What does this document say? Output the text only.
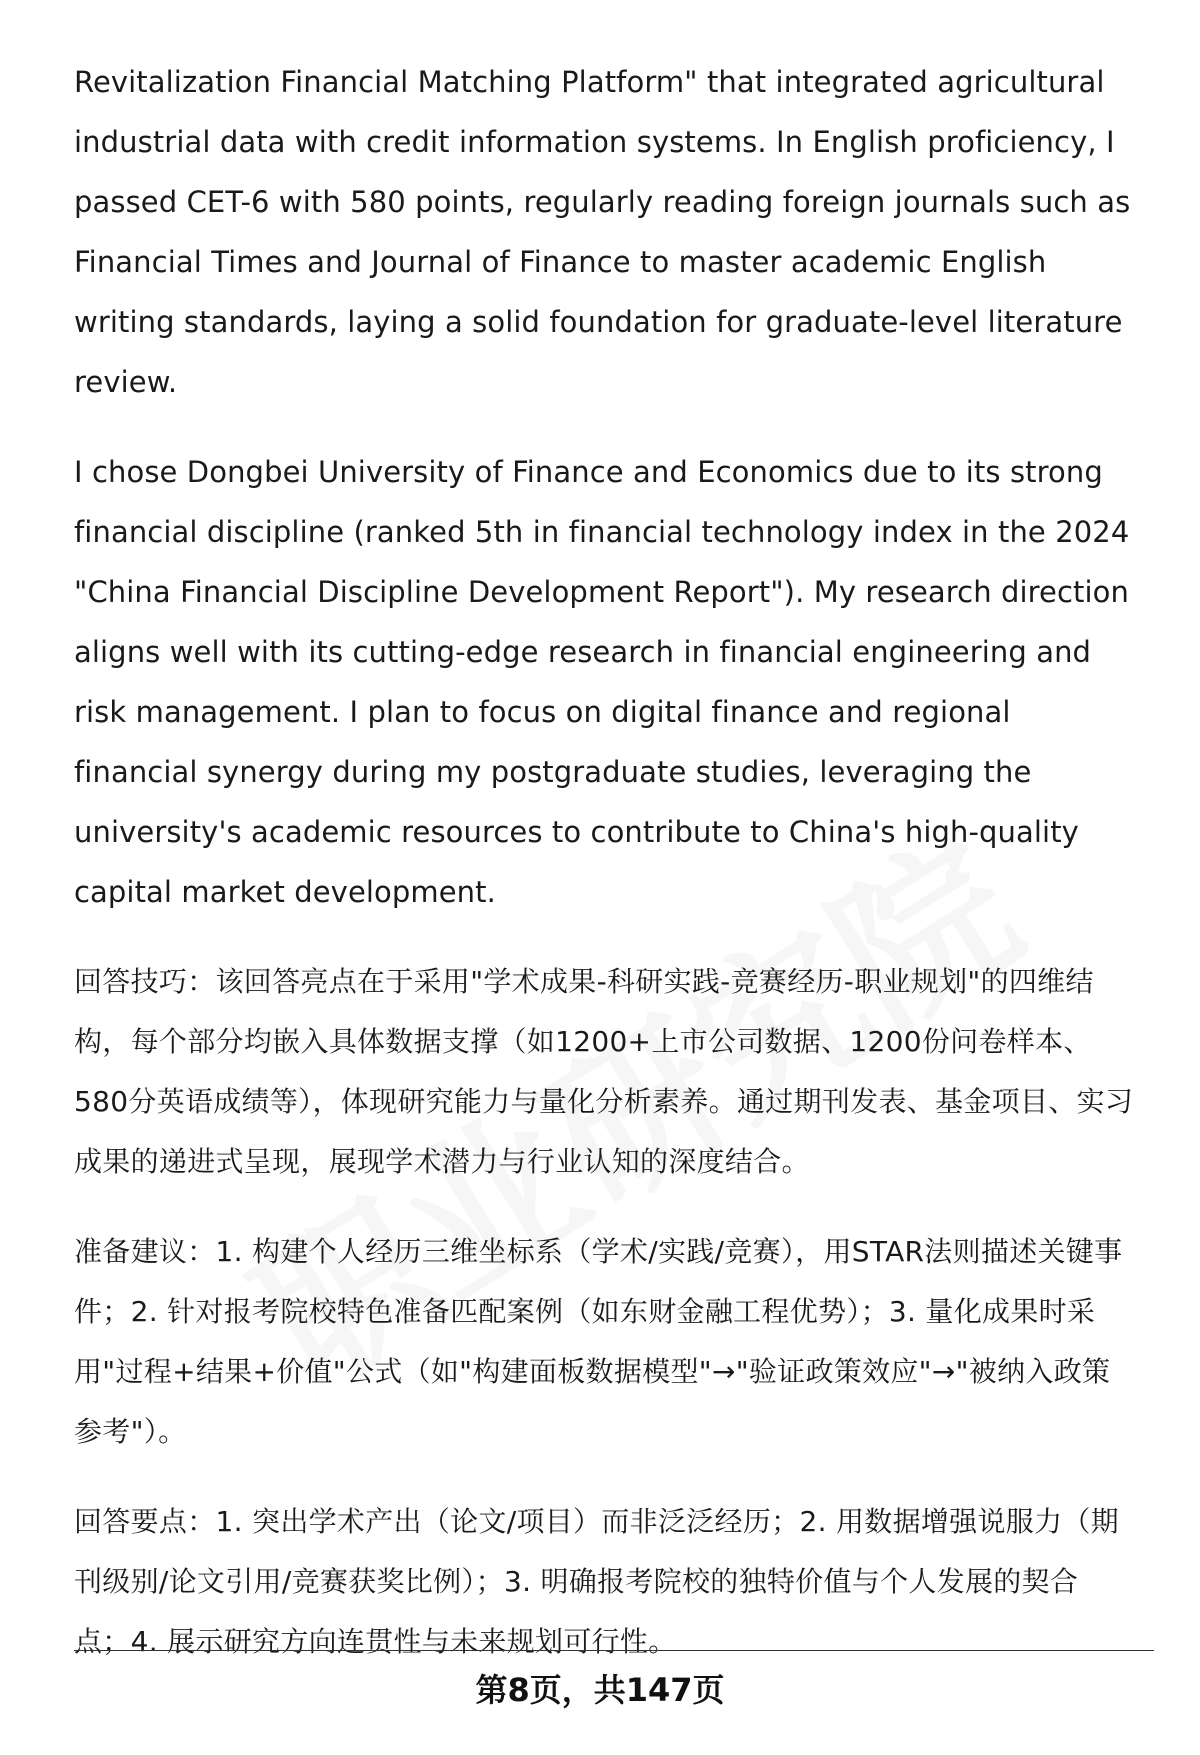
Revitalization Financial Matching Platform" that integrated agricultural industrial data with credit information systems. In English proficiency, I passed CET-6 with 580 points, regularly reading foreign journals such as Financial Times and Journal of Finance to master academic English writing standards, laying a solid foundation for graduate-level literature review.

I chose Dongbei University of Finance and Economics due to its strong financial discipline (ranked 5th in financial technology index in the 2024 "China Financial Discipline Development Report"). My research direction aligns well with its cutting-edge research in financial engineering and risk management. I plan to focus on digital finance and regional financial synergy during my postgraduate studies, leveraging the university's academic resources to contribute to China's high-quality capital market development.

回答技巧：该回答亮点在于采用"学术成果-科研实践-竞赛经历-职业规划"的四维结构，每个部分均嵌入具体数据支撑（如1200+上市公司数据、1200份问卷样本、580分英语成绩等），体现研究能力与量化分析素养。通过期刊发表、基金项目、实习成果的递进式呈现，展现学术潜力与行业认知的深度结合。

准备建议：1. 构建个人经历三维坐标系（学术/实践/竞赛），用STAR法则描述关键事件；2. 针对报考院校特色准备匹配案例（如东财金融工程优势）；3. 量化成果时采用"过程+结果+价值"公式（如"构建面板数据模型"→"验证政策效应"→"被纳入政策参考"）。

回答要点：1. 突出学术产出（论文/项目）而非泛泛经历；2. 用数据增强说服力（期刊级别/论文引用/竞赛获奖比例）；3. 明确报考院校的独特价值与个人发展的契合点；4. 展示研究方向连贯性与未来规划可行性。

第8页，共147页
